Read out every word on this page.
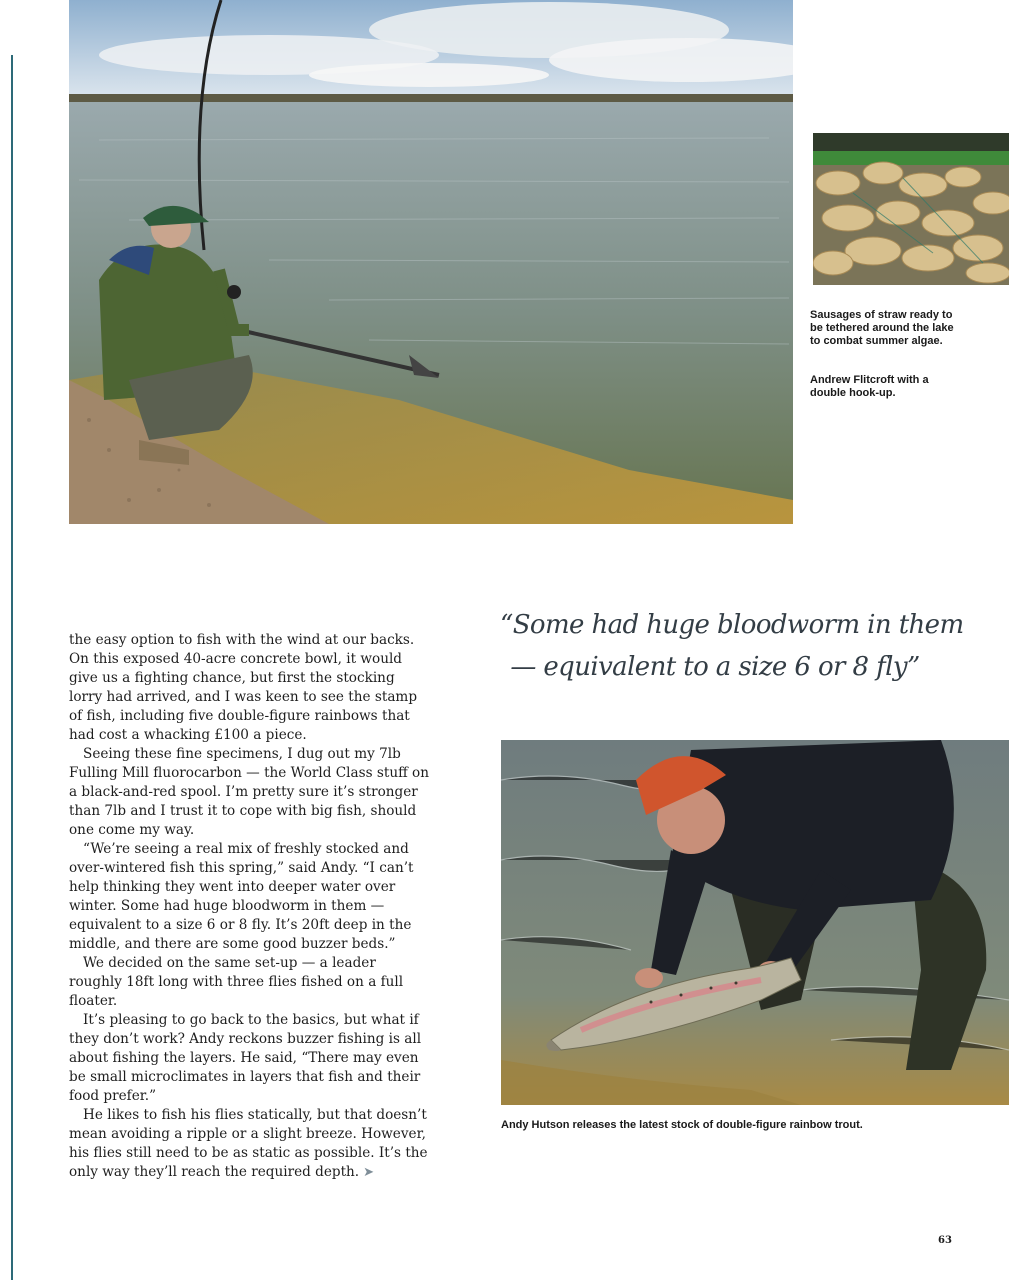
Sausages of straw ready to be tethered around the lake to combat summer algae.
Andrew Flitcroft with a double hook-up.
“Some had huge bloodworm in them
— equivalent to a size 6 or 8 fly”

the easy option to fish with the wind at our backs. On this exposed 40-acre concrete bowl, it would give us a fighting chance, but first the stocking lorry had arrived, and I was keen to see the stamp of fish, including five double-figure rainbows that had cost a whacking £100 a piece.

Seeing these fine specimens, I dug out my 7lb Fulling Mill fluorocarbon — the World Class stuff on a black-and-red spool. I’m pretty sure it’s stronger than 7lb and I trust it to cope with big fish, should one come my way.

“We’re seeing a real mix of freshly stocked and over-wintered fish this spring,” said Andy. “I can’t help thinking they went into deeper water over winter. Some had huge bloodworm in them — equivalent to a size 6 or 8 fly. It’s 20ft deep in the middle, and there are some good buzzer beds.”

We decided on the same set-up — a leader roughly 18ft long with three flies fished on a full floater.

It’s pleasing to go back to the basics, but what if they don’t work? Andy reckons buzzer fishing is all about fishing the layers. He said, “There may even be small microclimates in layers that fish and their food prefer.”

He likes to fish his flies statically, but that doesn’t mean avoiding a ripple or a slight breeze. However, his flies still need to be as static as possible. It’s the only way they’ll reach the required depth. ➤

Andy Hutson releases the latest stock of double-figure rainbow trout.
63
